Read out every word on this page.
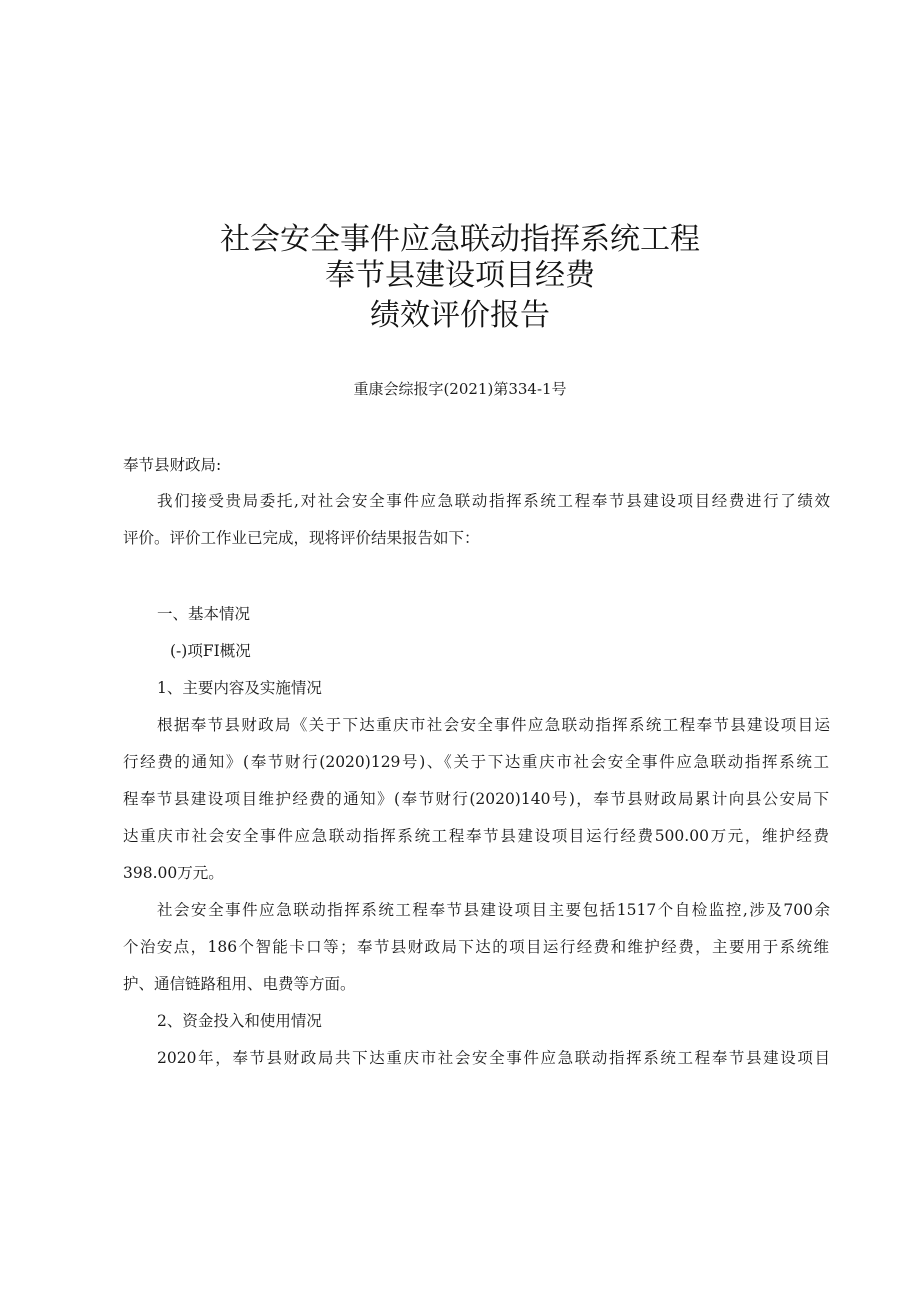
社会安全事件应急联动指挥系统工程
奉节县建设项目经费
绩效评价报告
重康会综报字(2021)第334-1号
奉节县财政局:
我们接受贵局委托,对社会安全事件应急联动指挥系统工程奉节县建设项目经费进行了绩效
评价。评价工作业已完成，现将评价结果报告如下：
一、基本情况
(-)项FI概况
1、主要内容及实施情况
根据奉节县财政局《关于下达重庆市社会安全事件应急联动指挥系统工程奉节县建设项目运
行经费的通知》(奉节财行(2020)129号)、《关于下达重庆市社会安全事件应急联动指挥系统工
程奉节县建设项目维护经费的通知》(奉节财行(2020)140号)，奉节县财政局累计向县公安局下
达重庆市社会安全事件应急联动指挥系统工程奉节县建设项目运行经费500.00万元，维护经费
398.00万元。
社会安全事件应急联动指挥系统工程奉节县建设项目主要包括1517个自检监控,涉及700余
个治安点，186个智能卡口等；奉节县财政局下达的项目运行经费和维护经费，主要用于系统维
护、通信链路租用、电费等方面。
2、资金投入和使用情况
2020年，奉节县财政局共下达重庆市社会安全事件应急联动指挥系统工程奉节县建设项目
